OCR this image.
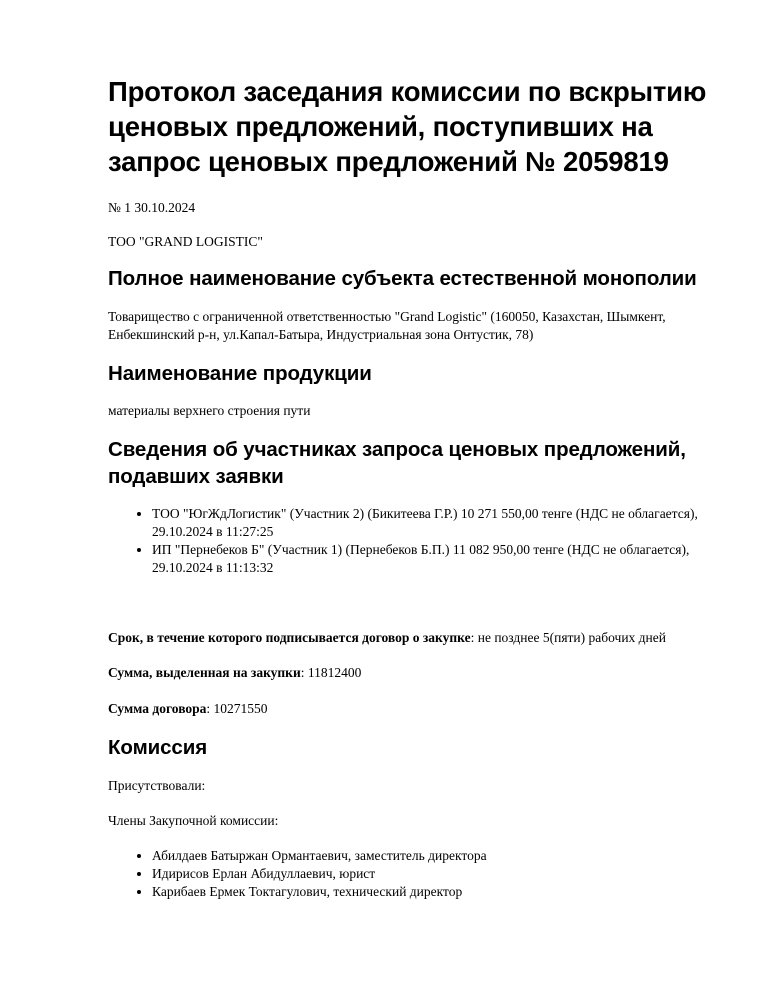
Протокол заседания комиссии по вскрытию ценовых предложений, поступивших на запрос ценовых предложений № 2059819

№ 1 30.10.2024

ТОО "GRAND LOGISTIC"

Полное наименование субъекта естественной монополии

Товарищество с ограниченной ответственностью "Grand Logistic" (160050, Казахстан, Шымкент, Енбекшинский р-н, ул.Капал-Батыра, Индустриальная зона Онтустик, 78)

Наименование продукции

материалы верхнего строения пути

Сведения об участниках запроса ценовых предложений, подавших заявки
• ТОО "ЮгЖдЛогистик" (Участник 2) (Бикитеева Г.Р.) 10 271 550,00 тенге (НДС не облагается), 29.10.2024 в 11:27:25
• ИП "Пернебеков Б" (Участник 1) (Пернебеков Б.П.) 11 082 950,00 тенге (НДС не облагается), 29.10.2024 в 11:13:32

Срок, в течение которого подписывается договор о закупке: не позднее 5(пяти) рабочих дней

Сумма, выделенная на закупки: 11812400

Сумма договора: 10271550

Комиссия

Присутствовали:

Члены Закупочной комиссии:

• Абилдаев Батыржан Ормантаевич, заместитель директора
• Идирисов Ерлан Абидуллаевич, юрист
• Карибаев Ермек Токтагулович, технический директор
